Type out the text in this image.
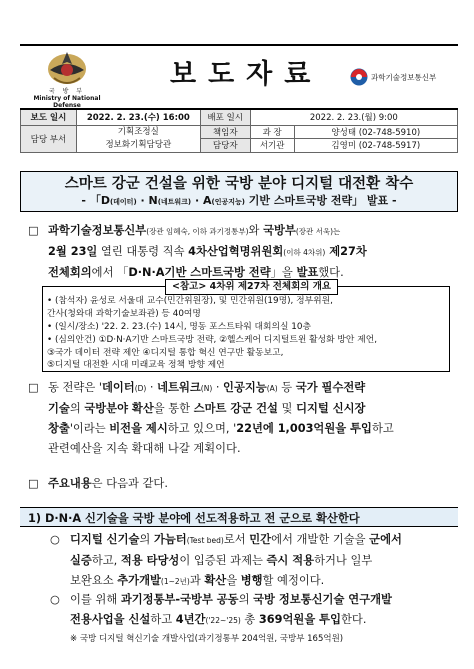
국 방 부
Ministry of National Defense
보도자료	과학기술정보통신부
보도 일시	2022. 2. 23.(수) 16:00	배포 일시	2022. 2. 23.(월) 9:00	
담당 부서	기획조정실
정보화기획담당관	책임자	과 장	양성태 (02-748-5910)
		담당자	서기관	김영미 (02-748-5917)
스마트 강군 건설을 위한 국방 분야 디지털 대전환 착수
- 「D(데이터) · N(네트워크) · A(인공지능) 기반 스마트국방 전략」 발표 -
□ 과학기술정보통신부(장관 임혜숙, 이하 과기정통부)와 국방부(장관 서욱)는
2월 23일 열린 대통령 직속 4차산업혁명위원회(이하 4차위) 제27차
전체회의에서 「D·N·A기반 스마트국방 전략」을 발표했다.
<참고> 4차위 제27차 전체회의 개요
• (참석자) 윤성로 서울대 교수(민간위원장), 및 민간위원(19명), 정부위원,
간사(청와대 과학기술보좌관) 등 40여명
• (일시/장소) '22. 2. 23.(수) 14시, 명동 포스트타워 대회의실 10층
• (심의안건) ①D·N·A기반 스마트국방 전략, ②헬스케어 디지털트윈 활성화 방안 제언,
③국가 데이터 전략 제안 ④디지털 통합 혁신 연구반 활동보고,
⑤디지털 대전환 시대 미래교육 정책 방향 제언
□ 동 전략은 '데이터(D) · 네트워크(N) · 인공지능(A) 등 국가 필수전략
기술의 국방분야 확산을 통한 스마트 강군 건설 및 디지털 신시장
창출'이라는 비전을 제시하고 있으며, '22년에 1,003억원을 투입하고
관련예산을 지속 확대해 나갈 계획이다.
□ 주요내용은 다음과 같다.
1) D·N·A 신기술을 국방 분야에 선도적용하고 전 군으로 확산한다
○ 디지털 신기술의 가늠터(Test bed)로서 민간에서 개발한 기술을 군에서
실증하고, 적용 타당성이 입증된 과제는 즉시 적용하거나 일부
보완요소 추가개발(1~2년)과 확산을 병행할 예정이다.
○ 이를 위해 과기정통부-국방부 공동의 국방 정보통신기술 연구개발
전용사업을 신설하고 4년간('22~'25) 총 369억원을 투입한다.
※ 국방 디지털 혁신기술 개발사업(과기정통부 204억원, 국방부 165억원)
